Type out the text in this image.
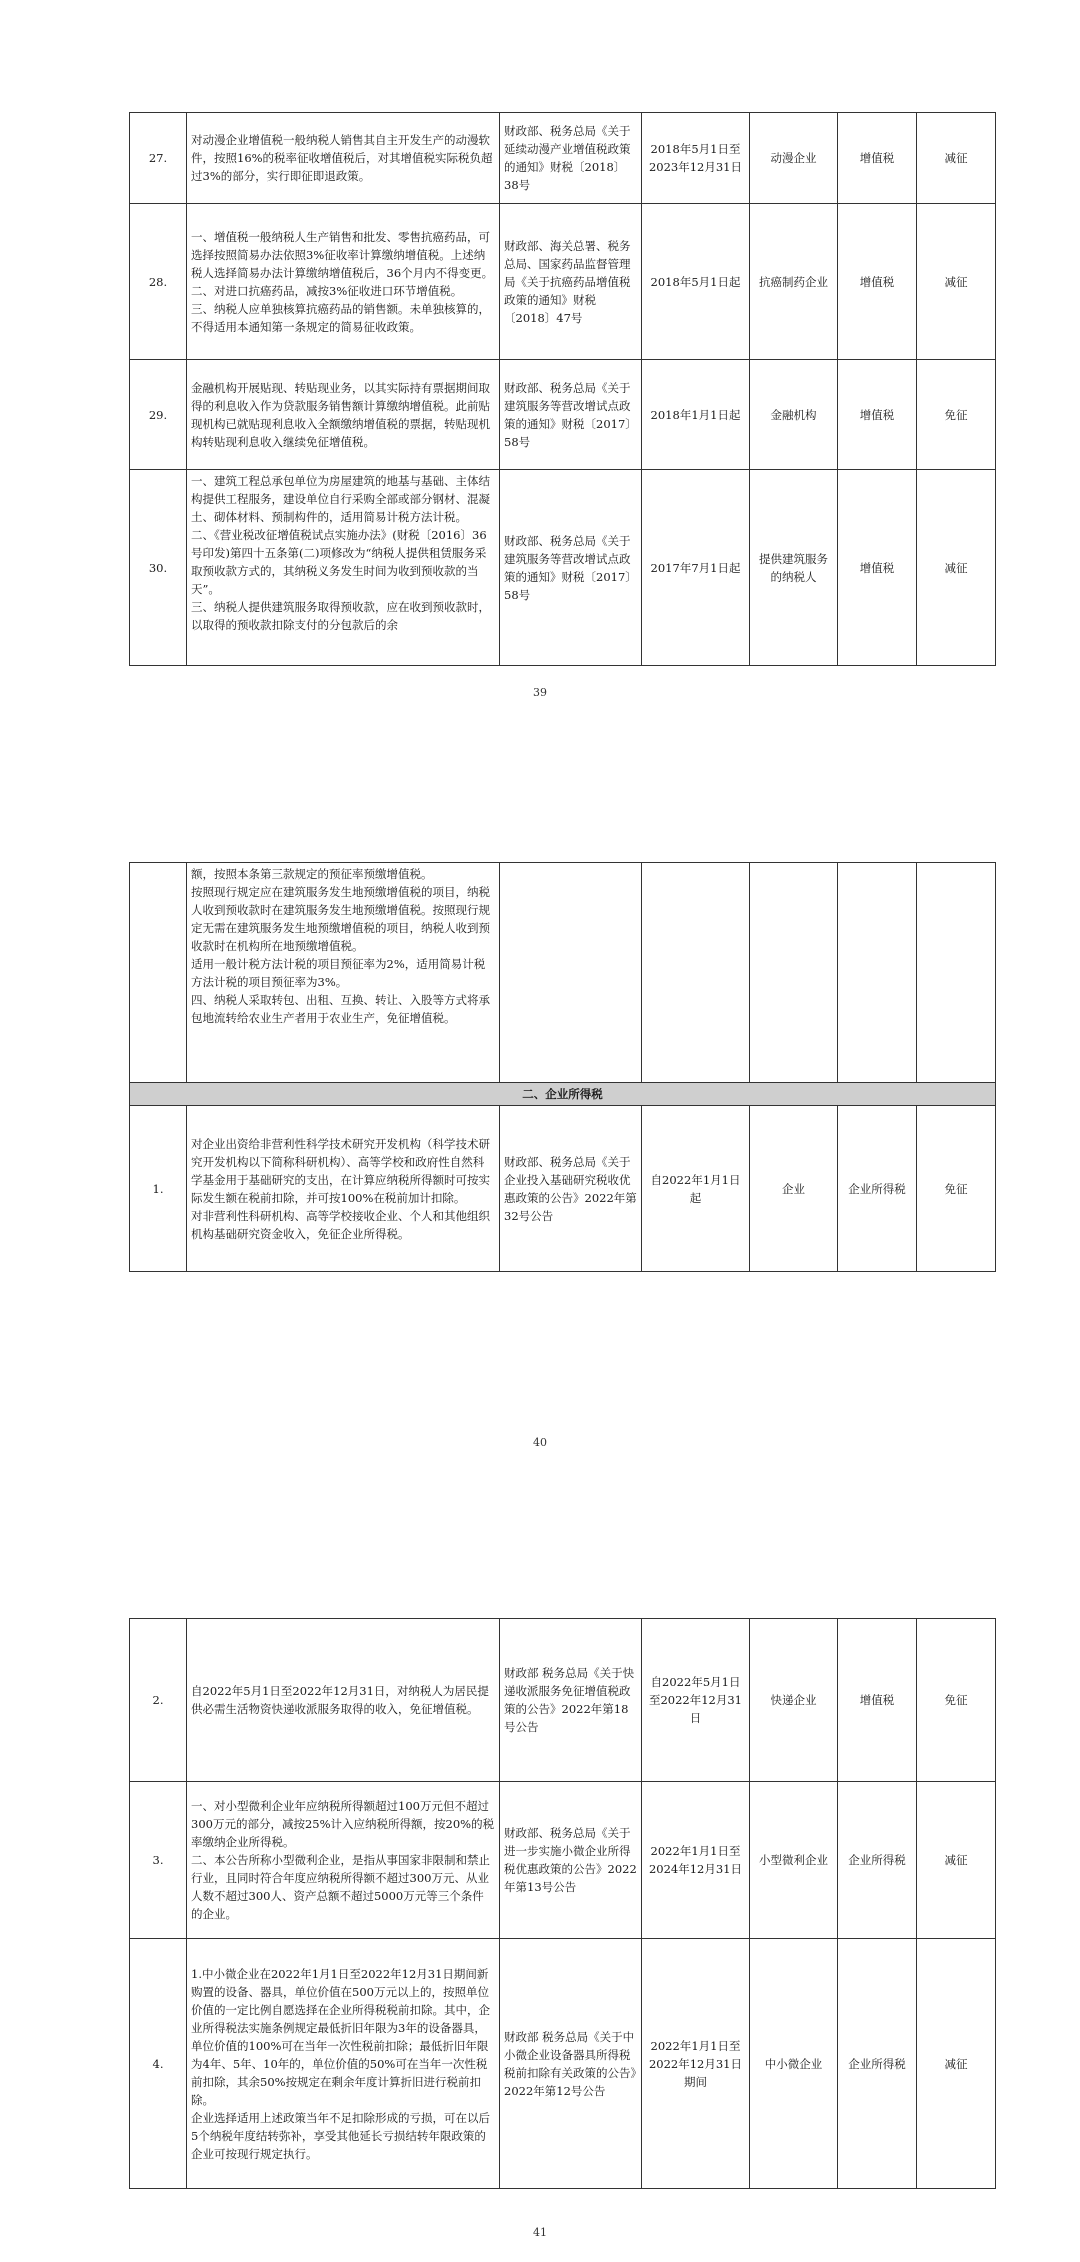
27.	对动漫企业增值税一般纳税人销售其自主开发生产的动漫软件，按照16%的税率征收增值税后，对其增值税实际税负超过3%的部分，实行即征即退政策。	财政部、税务总局《关于延续动漫产业增值税政策的通知》财税〔2018〕38号	2018年5月1日至2023年12月31日	动漫企业	增值税	减征
28.	一、增值税一般纳税人生产销售和批发、零售抗癌药品，可选择按照简易办法依照3%征收率计算缴纳增值税。上述纳税人选择简易办法计算缴纳增值税后，36个月内不得变更。
二、对进口抗癌药品，减按3%征收进口环节增值税。
三、纳税人应单独核算抗癌药品的销售额。未单独核算的，不得适用本通知第一条规定的简易征收政策。	财政部、海关总署、税务总局、国家药品监督管理局《关于抗癌药品增值税政策的通知》财税〔2018〕47号	2018年5月1日起	抗癌制药企业	增值税	减征
29.	金融机构开展贴现、转贴现业务，以其实际持有票据期间取得的利息收入作为贷款服务销售额计算缴纳增值税。此前贴现机构已就贴现利息收入全额缴纳增值税的票据，转贴现机构转贴现利息收入继续免征增值税。	财政部、税务总局《关于建筑服务等营改增试点政策的通知》财税〔2017〕58号	2018年1月1日起	金融机构	增值税	免征
30.	一、建筑工程总承包单位为房屋建筑的地基与基础、主体结构提供工程服务，建设单位自行采购全部或部分钢材、混凝土、砌体材料、预制构件的，适用简易计税方法计税。
二、《营业税改征增值税试点实施办法》(财税〔2016〕36号印发)第四十五条第(二)项修改为“纳税人提供租赁服务采取预收款方式的，其纳税义务发生时间为收到预收款的当天”。
三、纳税人提供建筑服务取得预收款，应在收到预收款时，以取得的预收款扣除支付的分包款后的余	财政部、税务总局《关于建筑服务等营改增试点政策的通知》财税〔2017〕58号	2017年7月1日起	提供建筑服务的纳税人	增值税	减征
39
	额，按照本条第三款规定的预征率预缴增值税。
按照现行规定应在建筑服务发生地预缴增值税的项目，纳税人收到预收款时在建筑服务发生地预缴增值税。按照现行规定无需在建筑服务发生地预缴增值税的项目，纳税人收到预收款时在机构所在地预缴增值税。
适用一般计税方法计税的项目预征率为2%，适用简易计税方法计税的项目预征率为3%。
四、纳税人采取转包、出租、互换、转让、入股等方式将承包地流转给农业生产者用于农业生产，免征增值税。					
二、企业所得税						
1.	对企业出资给非营利性科学技术研究开发机构（科学技术研究开发机构以下简称科研机构）、高等学校和政府性自然科学基金用于基础研究的支出，在计算应纳税所得额时可按实际发生额在税前扣除，并可按100%在税前加计扣除。
对非营利性科研机构、高等学校接收企业、个人和其他组织机构基础研究资金收入，免征企业所得税。	财政部、税务总局《关于企业投入基础研究税收优惠政策的公告》2022年第32号公告	自2022年1月1日起	企业	企业所得税	免征
40
2.	自2022年5月1日至2022年12月31日，对纳税人为居民提供必需生活物资快递收派服务取得的收入，免征增值税。	财政部 税务总局《关于快递收派服务免征增值税政策的公告》2022年第18号公告	自2022年5月1日至2022年12月31日	快递企业	增值税	免征
3.	一、对小型微利企业年应纳税所得额超过100万元但不超过300万元的部分，减按25%计入应纳税所得额，按20%的税率缴纳企业所得税。
二、本公告所称小型微利企业，是指从事国家非限制和禁止行业，且同时符合年度应纳税所得额不超过300万元、从业人数不超过300人、资产总额不超过5000万元等三个条件的企业。	财政部、税务总局《关于进一步实施小微企业所得税优惠政策的公告》2022年第13号公告	2022年1月1日至2024年12月31日	小型微利企业	企业所得税	减征
4.	1.中小微企业在2022年1月1日至2022年12月31日期间新购置的设备、器具，单位价值在500万元以上的，按照单位价值的一定比例自愿选择在企业所得税税前扣除。其中，企业所得税法实施条例规定最低折旧年限为3年的设备器具，单位价值的100%可在当年一次性税前扣除；最低折旧年限为4年、5年、10年的，单位价值的50%可在当年一次性税前扣除，其余50%按规定在剩余年度计算折旧进行税前扣除。
企业选择适用上述政策当年不足扣除形成的亏损，可在以后5个纳税年度结转弥补，享受其他延长亏损结转年限政策的企业可按现行规定执行。	财政部 税务总局《关于中小微企业设备器具所得税税前扣除有关政策的公告》2022年第12号公告	2022年1月1日至2022年12月31日期间	中小微企业	企业所得税	减征
41
